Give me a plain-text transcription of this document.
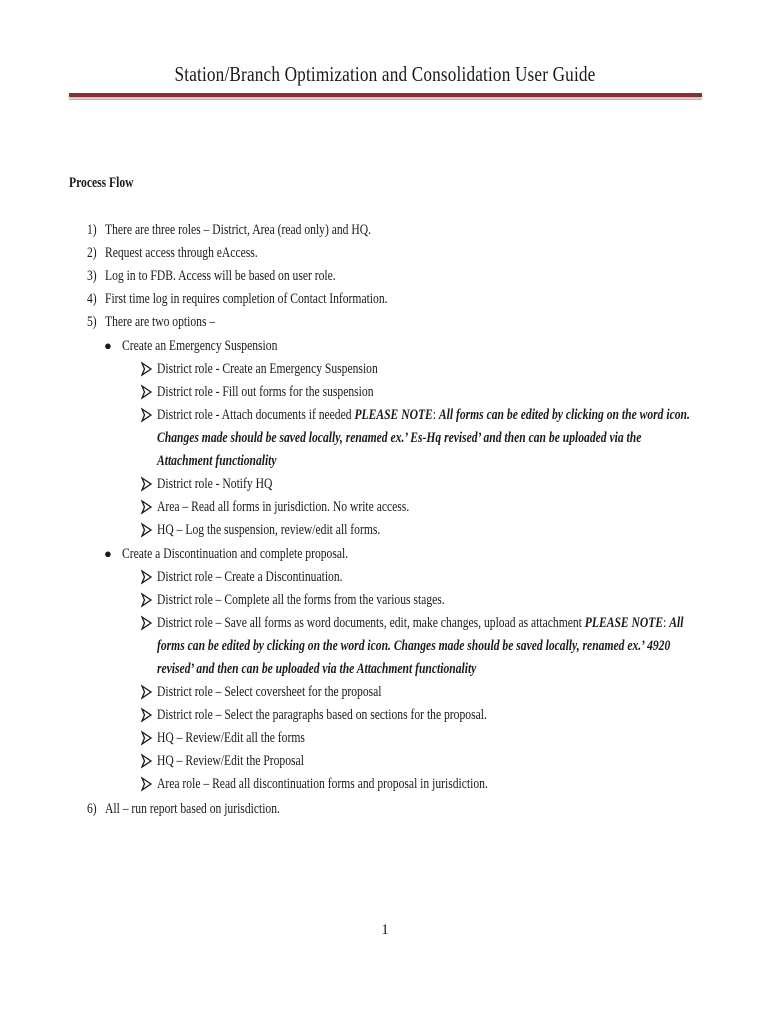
Station/Branch Optimization and Consolidation User Guide
Process Flow
1) There are three roles – District, Area (read only) and HQ.
2) Request access through eAccess.
3) Log in to FDB. Access will be based on user role.
4) First time log in requires completion of Contact Information.
5) There are two options –
● Create an Emergency Suspension
District role - Create an Emergency Suspension
District role - Fill out forms for the suspension
District role - Attach documents if needed PLEASE NOTE: All forms can be edited by clicking on the word icon.
Changes made should be saved locally, renamed ex.’ Es-Hq revised’ and then can be uploaded via the
Attachment functionality
District role - Notify HQ
Area – Read all forms in jurisdiction. No write access.
HQ – Log the suspension, review/edit all forms.
● Create a Discontinuation and complete proposal.
District role – Create a Discontinuation.
District role – Complete all the forms from the various stages.
District role – Save all forms as word documents, edit, make changes, upload as attachment PLEASE NOTE: All
forms can be edited by clicking on the word icon. Changes made should be saved locally, renamed ex.’ 4920
revised’ and then can be uploaded via the Attachment functionality
District role – Select coversheet for the proposal
District role – Select the paragraphs based on sections for the proposal.
HQ – Review/Edit all the forms
HQ – Review/Edit the Proposal
Area role – Read all discontinuation forms and proposal in jurisdiction.
6) All – run report based on jurisdiction.
1
